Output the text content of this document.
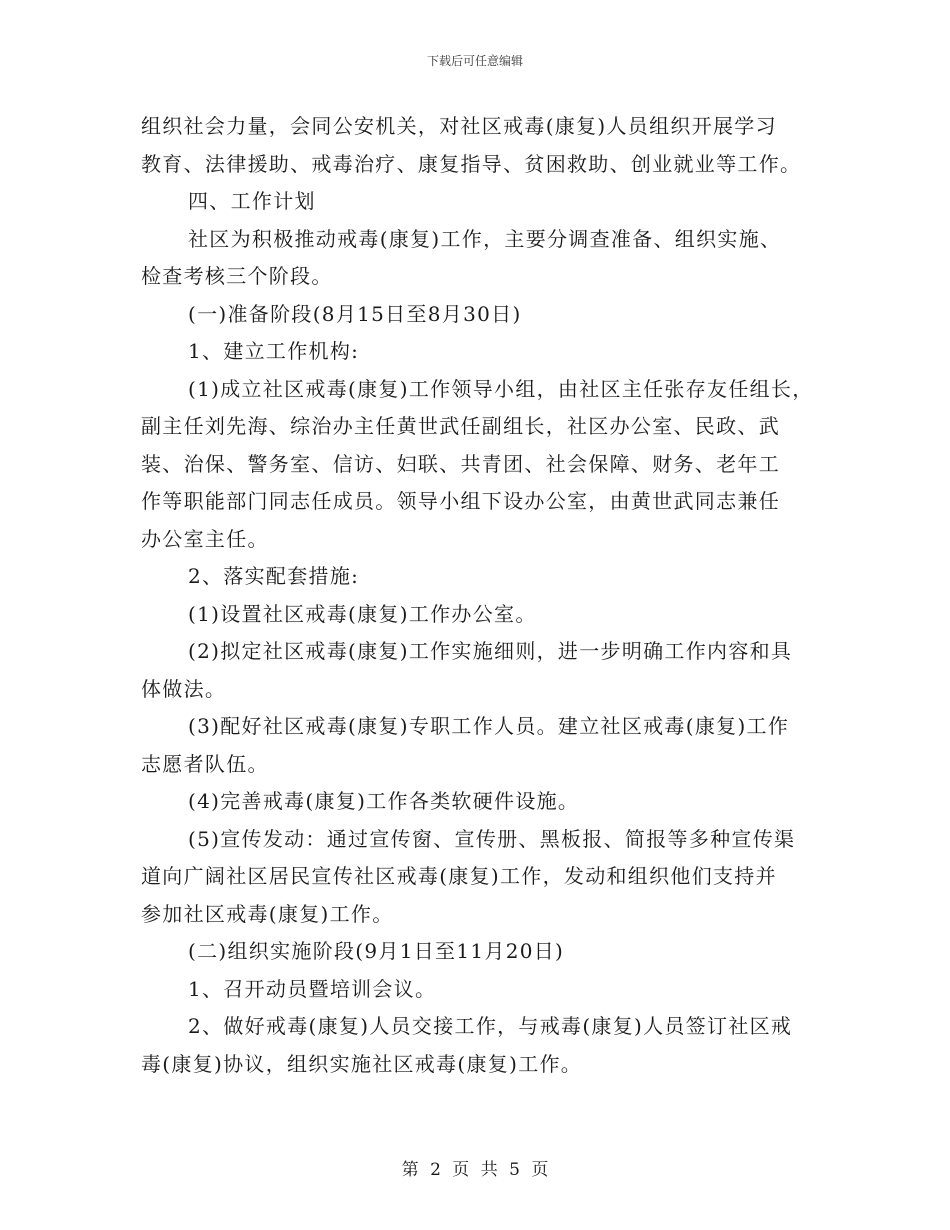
下载后可任意编辑
组织社会力量，会同公安机关，对社区戒毒(康复)人员组织开展学习
教育、法律援助、戒毒治疗、康复指导、贫困救助、创业就业等工作。
四、工作计划
社区为积极推动戒毒(康复)工作，主要分调查准备、组织实施、
检查考核三个阶段。
(一)准备阶段(8月15日至8月30日)
1、建立工作机构:
(1)成立社区戒毒(康复)工作领导小组，由社区主任张存友任组长，
副主任刘先海、综治办主任黄世武任副组长，社区办公室、民政、武
装、治保、警务室、信访、妇联、共青团、社会保障、财务、老年工
作等职能部门同志任成员。领导小组下设办公室，由黄世武同志兼任
办公室主任。
2、落实配套措施:
(1)设置社区戒毒(康复)工作办公室。
(2)拟定社区戒毒(康复)工作实施细则，进一步明确工作内容和具
体做法。
(3)配好社区戒毒(康复)专职工作人员。建立社区戒毒(康复)工作
志愿者队伍。
(4)完善戒毒(康复)工作各类软硬件设施。
(5)宣传发动：通过宣传窗、宣传册、黑板报、简报等多种宣传渠
道向广阔社区居民宣传社区戒毒(康复)工作，发动和组织他们支持并
参加社区戒毒(康复)工作。
(二)组织实施阶段(9月1日至11月20日)
1、召开动员暨培训会议。
2、做好戒毒(康复)人员交接工作，与戒毒(康复)人员签订社区戒
毒(康复)协议，组织实施社区戒毒(康复)工作。
第 2 页 共 5 页
